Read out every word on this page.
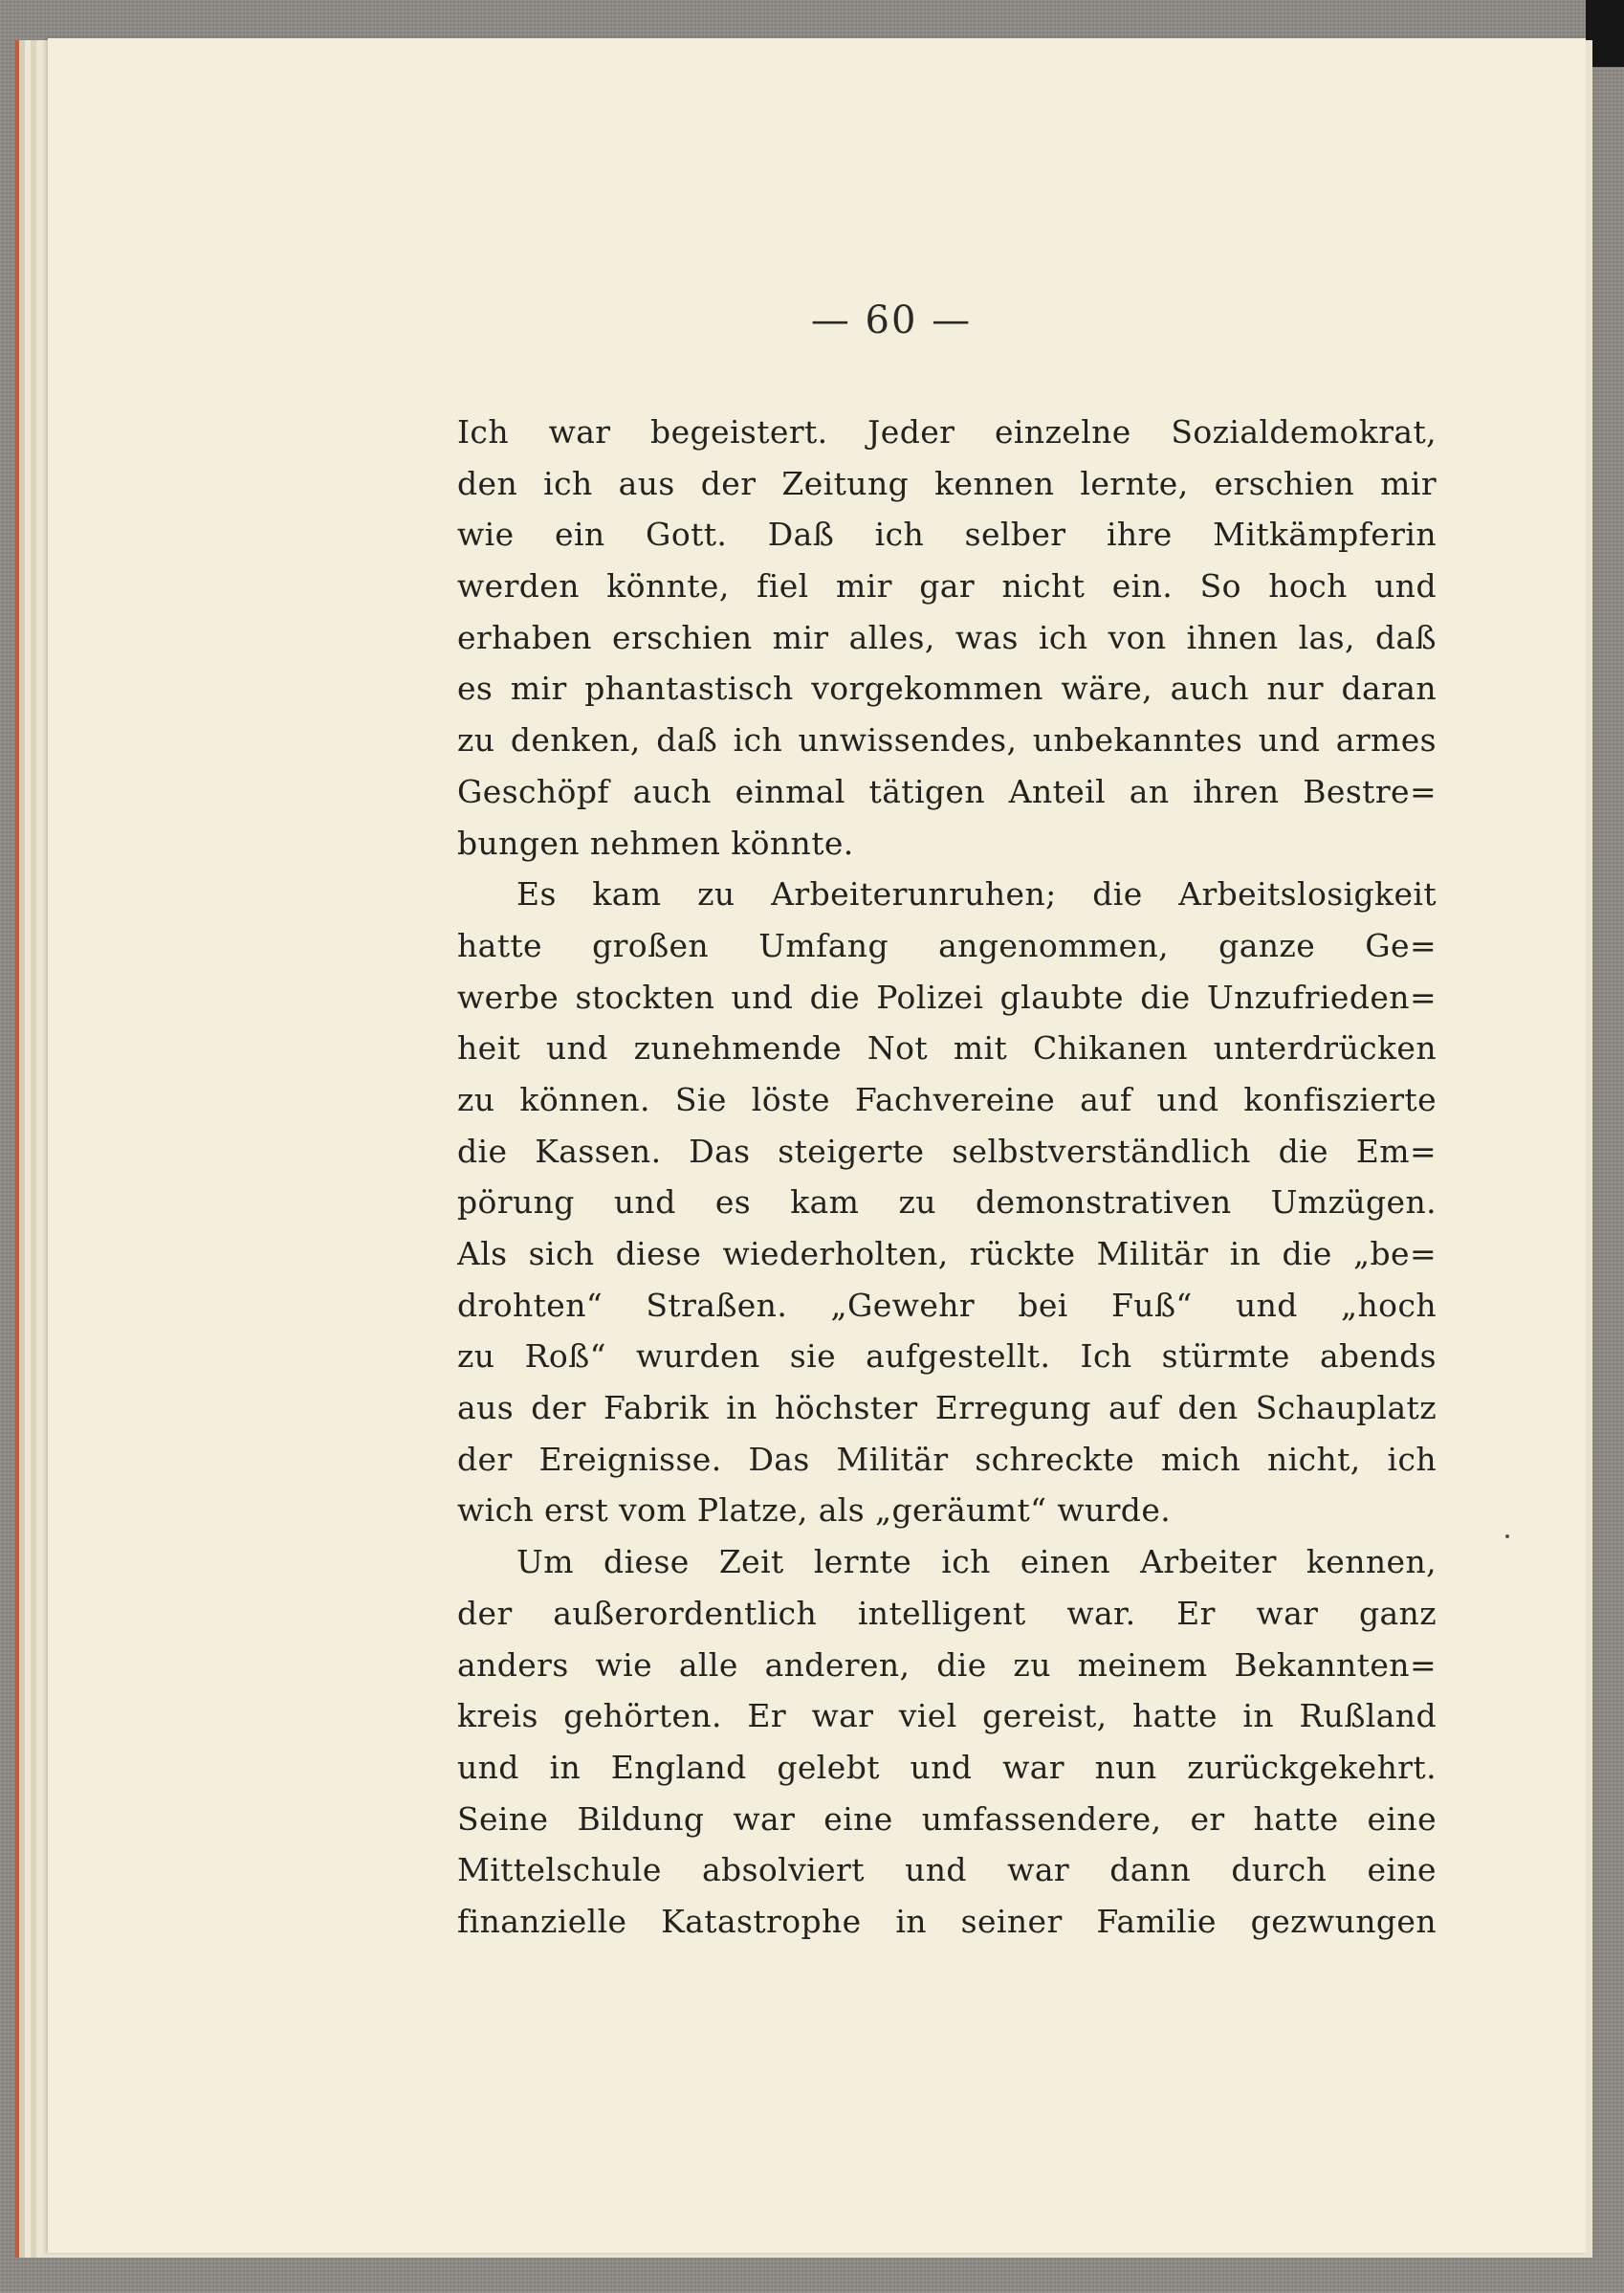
— 60 —
Ich war begeistert. Jeder einzelne Sozialdemokrat,
den ich aus der Zeitung kennen lernte, erschien mir
wie ein Gott. Daß ich selber ihre Mitkämpferin
werden könnte, fiel mir gar nicht ein. So hoch und
erhaben erschien mir alles, was ich von ihnen las, daß
es mir phantastisch vorgekommen wäre, auch nur daran
zu denken, daß ich unwissendes, unbekanntes und armes
Geschöpf auch einmal tätigen Anteil an ihren Bestre=
bungen nehmen könnte.
Es kam zu Arbeiterunruhen; die Arbeitslosigkeit
hatte großen Umfang angenommen, ganze Ge=
werbe stockten und die Polizei glaubte die Unzufrieden=
heit und zunehmende Not mit Chikanen unterdrücken
zu können. Sie löste Fachvereine auf und konfiszierte
die Kassen. Das steigerte selbstverständlich die Em=
pörung und es kam zu demonstrativen Umzügen.
Als sich diese wiederholten, rückte Militär in die „be=
drohten“ Straßen. „Gewehr bei Fuß“ und „hoch
zu Roß“ wurden sie aufgestellt. Ich stürmte abends
aus der Fabrik in höchster Erregung auf den Schauplatz
der Ereignisse. Das Militär schreckte mich nicht, ich
wich erst vom Platze, als „geräumt“ wurde.
Um diese Zeit lernte ich einen Arbeiter kennen,
der außerordentlich intelligent war. Er war ganz
anders wie alle anderen, die zu meinem Bekannten=
kreis gehörten. Er war viel gereist, hatte in Rußland
und in England gelebt und war nun zurückgekehrt.
Seine Bildung war eine umfassendere, er hatte eine
Mittelschule absolviert und war dann durch eine
finanzielle Katastrophe in seiner Familie gezwungen
